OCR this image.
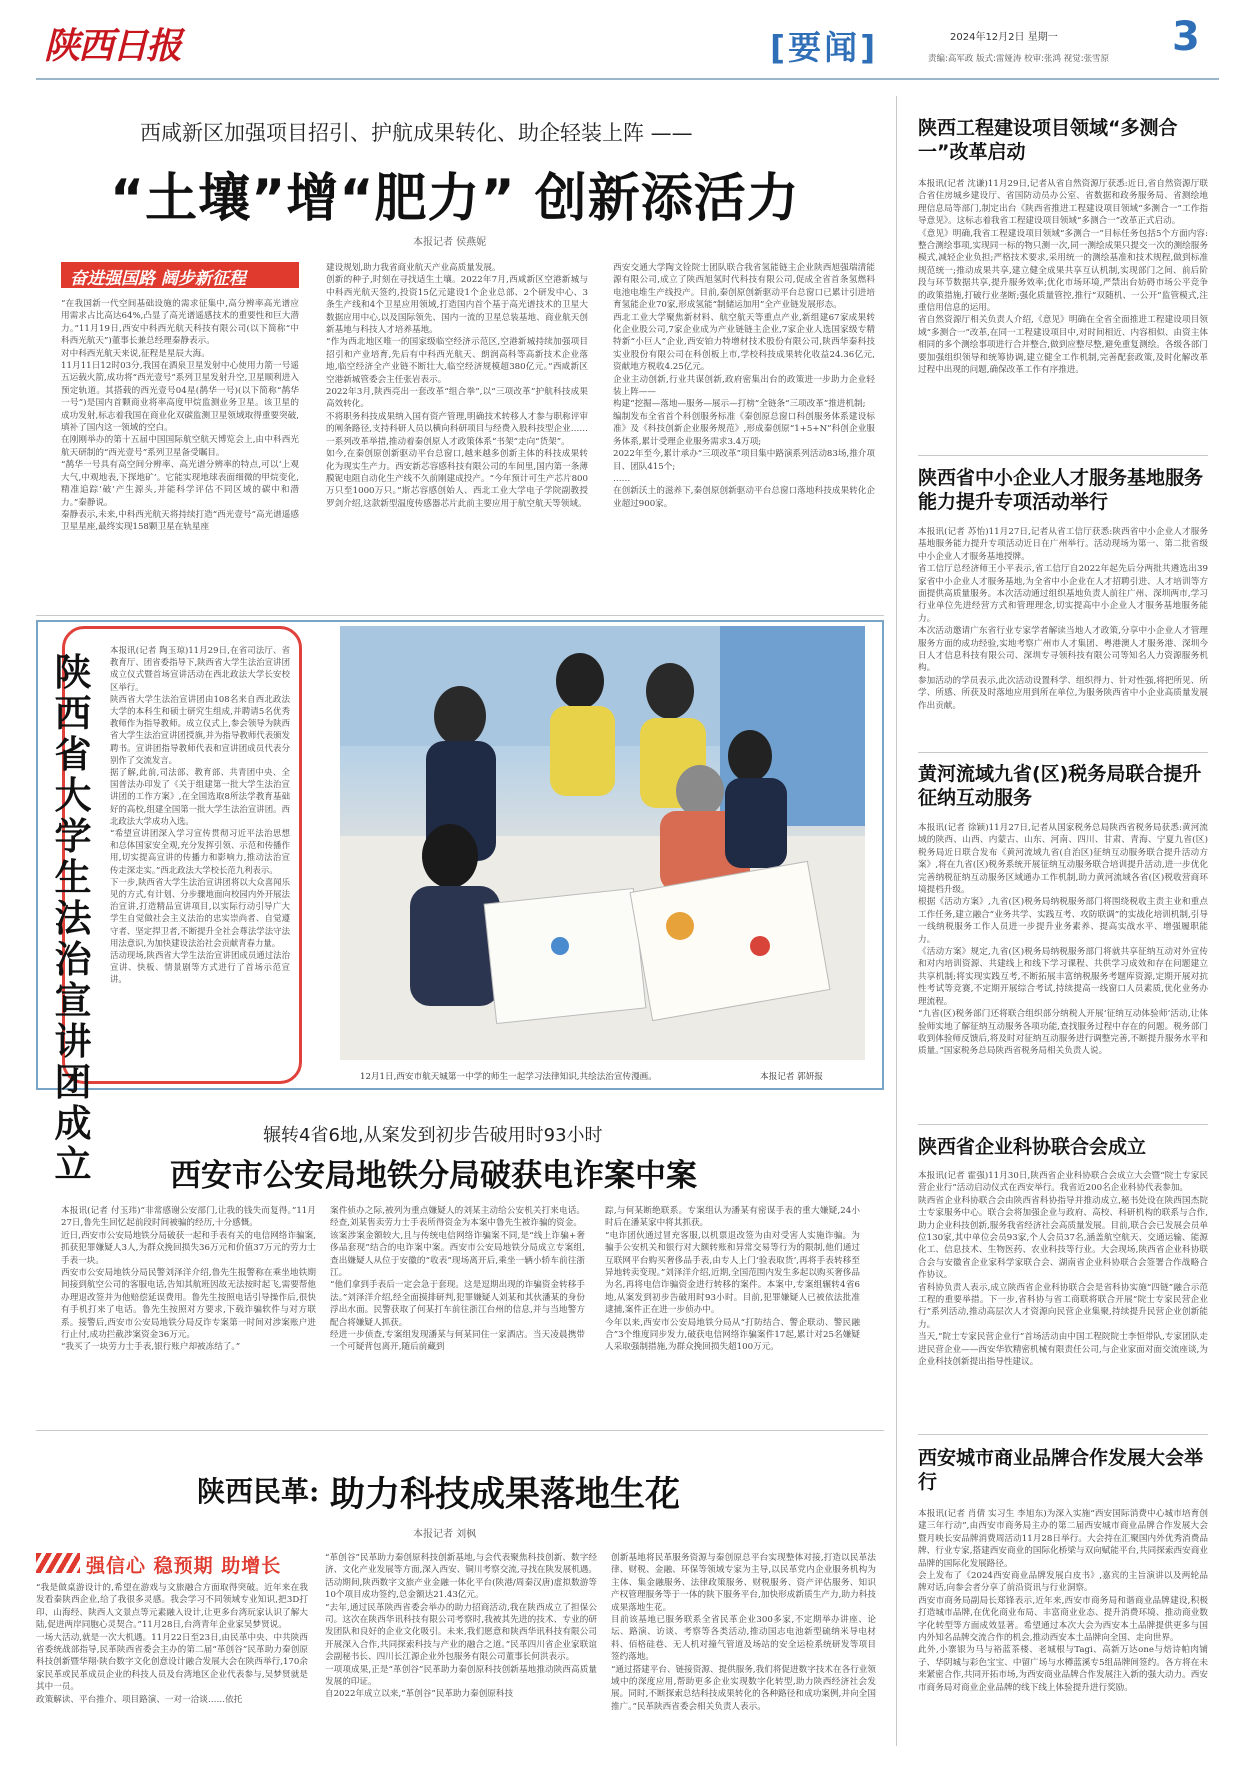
陕西日报	[要闻]	2024年12月2日 星期一
责编:高军政 版式:雷娅涛 校审:张鸿 视觉:张雪原 3
西咸新区加强项目招引、护航成果转化、助企轻装上阵 ——
“土壤”增“肥力” 创新添活力
本报记者 侯燕妮
奋进强国路 阔步新征程
“在我国新一代空间基础设施的需求征集中,高分辨率高光谱应用需求占比高达64%,凸显了高光谱遥感技术的重要性和巨大潜力。”11月19日,西安中科西光航天科技有限公司(以下简称“中科西光航天”)董事长兼总经理秦静表示。
对中科西光航天来说,征程是星辰大海。
11月11日12时03分,我国在酒泉卫星发射中心使用力箭一号遥五运载火箭,成功将“西光壹号”系列卫星发射升空,卫星顺利进入预定轨道。其搭载的西光壹号04星(鹊华一号)(以下简称“鹊华一号”)是国内首颗商业将率高度甲烷监测业务卫星。该卫星的成功发射,标志着我国在商业化双碳监测卫星领域取得重要突破,填补了国内这一领域的空白。
在刚刚举办的第十五届中国国际航空航天博览会上,由中科西光航天研制的“西光壹号”系列卫星备受瞩目。
“鹊华一号具有高空间分辨率、高光谱分辨率的特点,可以‘上观大气,中观地表,下探地矿’。它能实现地球表面细微的甲烷变化,精准追踪‘破’产生源头,并能科学评估不同区域的碳中和潜力。”秦静说。
秦静表示,未来,中科西光航天将持续打造“西光壹号”高光谱遥感卫星星座,最终实现158颗卫星在轨星座
建设规划,助力我省商业航天产业高质量发展。
创新的种子,时刻在寻找适生土壤。2022年7月,西咸新区空港新城与中科西光航天签约,投资15亿元建设1个企业总部、2个研发中心、3条生产线和4个卫星应用领域,打造国内首个基于高光谱技术的卫星大数据应用中心,以及国际领先、国内一流的卫星总装基地、商业航天创新基地与科技人才培养基地。
“作为西北地区唯一的国家级临空经济示范区,空港新城持续加强项目招引和产业培育,先后有中科西光航天、朗润高科等高新技术企业落地,临空经济全产业链不断壮大,临空经济规模超380亿元。”西咸新区空港新城管委会主任张岩表示。
2022年3月,陕西亮出一套改革“组合拳”,以“三项改革”护航科技成果高效转化。
不将职务科技成果纳入国有资产管理,明确技术转移人才参与职称评审的阐条路径,支持科研人员以横向科研项目与经费入股科技型企业……一系列改革举措,推动着秦创原人才政策体系“书架”走向“货架”。
如今,在秦创原创新驱动平台总窗口,越来越多创新主体的科技成果转化为现实生产力。西安新芯容感科技有限公司的车间里,国内第一条薄膜铌电阻自动化生产线不久前刚建成投产。“今年预计可生产芯片800万只至1000万只。”斯芯容感创始人、西北工业大学电子学院副教授罗剑介绍,这款新型温度传感器芯片此前主要应用于航空航天等领域。
西安交通大学陶文铨院士团队联合我省氢能链主企业陕西旭强瑞清能源有限公司,成立了陕西旭氢时代科技有限公司,促成全省首条氢燃料电池电堆生产线投产。目前,秦创原创新驱动平台总窗口已累计引进培育氢能企业70家,形成氢能“制储运加用”全产业链发展形态。
西北工业大学聚焦新材料、航空航天等重点产业,新组建67家成果转化企业股公司,7家企业成为产业链链主企业,7家企业人选国家级专精特新“小巨人”企业,西安铂力特增材技术股份有限公司,陕西华秦科技实业股份有限公司在科创板上市,学校科技成果转化收益24.36亿元,资献地方税收4.25亿元。
企业主动创新,行业共谋创新,政府密集出台的政策进一步助力企业轻装上阵——
构建“挖掘—落地—服务—展示—打榜”全链条“三项改革”推进机制;
编制发布全省首个科创服务标准《秦创原总窗口科创服务体系建设标准》及《科技创新企业服务规范》,形成秦创原“1+5+N”科创企业服务体系,累计受理企业服务需求3.4万项;
2022年至今,累计承办“三项改革”项目集中路演系列活动83场,推介项目、团队415个;
……
在创新沃土的滋养下,秦创原创新驱动平台总窗口落地科技成果转化企业超过900家。
陕西省大学生法治宣讲团成立
本报讯(记者 陶玉琼)11月29日,在省司法厅、省教育厅、团省委指导下,陕西省大学生法治宣讲团成立仪式暨首场宣讲活动在西北政法大学长安校区举行。
陕西省大学生法治宣讲团由108名来自西北政法大学的本科生和硕士研究生组成,并聘请5名优秀教师作为指导教师。成立仪式上,参会领导为陕西省大学生法治宣讲团授旗,并为指导教师代表颁发聘书。宣讲团指导教师代表和宣讲团成员代表分别作了交流发言。
据了解,此前,司法部、教育部、共青团中央、全国普法办印发了《关于组建第一批大学生法治宣讲团的工作方案》,在全国选取8所法学教育基础好的高校,组建全国第一批大学生法治宣讲团。西北政法大学成功入选。
“希望宣讲团深入学习宣传贯彻习近平法治思想和总体国家安全观,充分发挥引领、示范和传播作用,切实提高宣讲的传播力和影响力,推动法治宣传走深走实。”西北政法大学校长范九利表示。
下一步,陕西省大学生法治宣讲团将以大众喜闻乐见的方式,有计划、分步骤地面向校园内外开展法治宣讲,打造精品宣讲项目,以实际行动引导广大学生自觉做社会主义法治的忠实崇尚者、自觉遵守者、坚定捍卫者,不断提升全社会尊法学法守法用法意识,为加快建设法治社会贡献青春力量。
活动现场,陕西省大学生法治宣讲团成员通过法治宣讲、快板、情景剧等方式进行了首场示范宣讲。
12月1日,西安市航天城第一中学的师生一起学习法律知识,共绘法治宣传漫画。	本报记者 郭妍报
辗转4省6地,从案发到初步告破用时93小时
西安市公安局地铁分局破获电诈案中案
本报讯(记者 付玉玮)“非常感谢公安部门,让我的钱失而复得。”11月27日,鲁先生回忆起前段时间被骗的经历,十分感慨。
近日,西安市公安局地铁分局破获一起和手表有关的电信网络诈骗案,抓获犯罪嫌疑人3人,为群众挽回损失36万元和价值37万元的劳力士手表一块。
西安市公安局地铁分局民警刘泽洋介绍,鲁先生报警称在乘坐地铁期间接到航空公司的客服电话,告知其航班因故无法按时起飞,需要帮他办理退改签并为他赔偿延误费用。鲁先生按照电话引导操作后,很快有手机打来了电话。鲁先生按照对方要求,下载诈骗软件与对方联系。接警后,西安市公安局地铁分局反诈专案第一时间对涉案账户进行止付,成功拦截涉案资金36万元。
“我买了一块劳力士手表,银行账户却被冻结了。”
案件侦办之际,被列为重点嫌疑人的刘某主动给公安机关打来电话。经查,刘某售卖劳力士手表所得资金为本案中鲁先生被诈骗的资金。
该案涉案金额较大,且与传统电信网络诈骗案不同,是“线上诈骗+奢侈品套现”结合的电诈案中案。西安市公安局地铁分局成立专案组,查出嫌疑人从位于安徽的“收表”现场离开后,乘坐一辆小轿车前往浙江。
“他们拿到手表后一定会急于套现。这是逗期出现的诈骗资金转移手法。”刘泽洋介绍,经全面摸排研判,犯罪嫌疑人刘某和其伙潘某的身份浮出水面。民警获取了何某打车前往浙江台州的信息,并与当地警方配合将嫌疑人抓获。
经进一步侦查,专案组发现潘某与何某同住一家酒店。当天凌晨携带一个可疑背包离开,随后前藏到
踪,与何某断绝联系。专案组认为潘某有密谋手表的重大嫌疑,24小时后在潘某家中将其抓获。
“电诈团伙通过冒充客服,以机票退改签为由对受害人实施诈骗。为骗手公安机关和银行对大额转账和异常交易等行为的限制,他们通过互联网平台购买奢侈品手表,由专人上门‘验表取货’,再将手表转移至异地转卖变现。”刘泽洋介绍,近期,全国范围内发生多起以购买奢侈品为名,再将电信诈骗资金进行转移的案件。本案中,专案组辗转4省6地,从案发到初步告破用时93小时。目前,犯罪嫌疑人已被依法批准逮捕,案件正在进一步侦办中。
今年以来,西安市公安局地铁分局从“打防结合、警企联动、警民融合”3个维度同步发力,破获电信网络诈骗案件17起,累计对25名嫌疑人采取强制措施,为群众挽回损失超100万元。
陕西民革: 助力科技成果落地生花
本报记者 刘枫
强信心 稳预期 助增长
“我是做桌游设计的,希望在游戏与文旅融合方面取得突破。近年来在我发看秦陕西企业,给了我很多灵感。我会学习不同领域专业知识,把3D打印、山海经、陕西人文景点等元素融入设计,让更多台湾玩家认识了解大陆,促进两岸同胞心灵契合。”11月28日,台湾青年企业家吴梦贤说。
一场大活动,就是一次大机遇。11月22日至23日,由民革中央、中共陕西省委统战部指导,民革陕西省委会主办的第二届“革创谷”民革助力秦创原科技创新暨华翔·陕台数字文化创意设计融合发展大会在陕西举行,170余家民革或民革成员企业的科技人员及台湾地区企业代表参与,吴梦贤就是其中一员。
政策解读、平台推介、项目路演、一对一洽谈……依托
“革创谷”民革助力秦创原科技创新基地,与会代表聚焦科技创新、数字经济、文化产业发展等方面,深入西安、铜川考察交流,寻找在陕发展机遇。活动期间,陕西数字文旅产业金融一体化平台(陕港/周秦汉唐)虚拟数游等10个项目成功签约,总金额达21.43亿元。
“去年,通过民革陕西省委会举办的助力招商活动,我在陕西成立了担保公司。这次在陕西华讯科技有限公司考察时,我被其先进的技术、专业的研发团队和良好的企业文化吸引。未来,我们愿意和陕西华讯科技有限公司开展深入合作,共同探索科技与产业的融合之道。”民革四川省企业家联谊会副秘书长、四川长江源企业外包服务有限公司董事长何洪表示。
一项项成果,正是“革创谷”民革助力秦创原科技创新基地推动陕西高质量发展的印证。
自2022年成立以来,“革创谷”民革助力秦创原科技
创新基地将民革服务资源与秦创原总平台实现整体对接,打造以民革法律、财税、金融、环保等领域专家为主导,以民革党内企业服务机构为主体、集金融服务、法律政策服务、财税服务、资产评估服务、知识产权管理服务等于一体的陕下服务平台,加快形成新质生产力,助力科技成果落地生花。
目前该基地已服务联系全省民革企业300多家,不定期举办讲座、论坛、路演、访谈、考察等各类活动,推动国志电池新型硫纳米导电材料、佰格硅巷、无人机对撞气管道及场站的安全运检系统研发等项目签约落地。
“通过搭建平台、链接资源、提供服务,我们将促进数字技术在各行业领域中的深度应用,帮助更多企业实现数字化转型,助力陕西经济社会发展。同时,不断探索总结科技成果转化的各种路径和成功案例,并向全国推广。”民革陕西省委会相关负责人表示。
陕西工程建设项目领域“多测合一”改革启动
本报讯(记者 沈谦)11月29日,记者从省自然资源厅获悉:近日,省自然资源厅联合省住房城乡建设厅、省国防动员办公室、省数据和政务服务局、省测绘地理信息局等部门,制定出台《陕西省推进工程建设项目领域“多测合一”工作指导意见》。这标志着我省工程建设项目领域“多测合一”改革正式启动。
《意见》明确,我省工程建设项目领域“多测合一”目标任务包括5个方面内容:整合测绘事项,实现同一标的物只测一次,同一测绘成果只提交一次的测绘服务模式,减轻企业负担;严格技术要求,采用统一的测绘基准和技术规程,做到标准规范统一;推动成果共享,建立健全成果共享互认机制,实现部门之间、前后阶段与环节数据共享,提升服务效率;优化市场环境,严禁出台妨碍市场公平竞争的政策措施,打破行业垄断;强化质量管控,推行“双随机、一公开”监管模式,注重信用信息的运用。
省自然资源厅相关负责人介绍,《意见》明确在全省全面推进工程建设项目领域“多测合一”改革,在同一工程建设项目中,对时间相近、内容相似、由资主体相同的多个测绘事项进行合并整合,做到应整尽整,避免重复测绘。各级各部门要加强组织领导和统筹协调,建立健全工作机制,完善配套政策,及时化解改革过程中出现的问题,确保改革工作有序推进。
陕西省中小企业人才服务基地服务能力提升专项活动举行
本报讯(记者 苏怡)11月27日,记者从省工信厅获悉:陕西省中小企业人才服务基地服务能力提升专项活动近日在广州举行。活动现场为第一、第二批省级中小企业人才服务基地授牌。
省工信厅总经济师王小平表示,省工信厅自2022年起先后分两批共遴选出39家省中小企业人才服务基地,为全省中小企业在人才招聘引进、人才培训等方面提供高质量服务。本次活动通过组织基地负责人前往广州、深圳两市,学习行业单位先进经营方式和管理理念,切实提高中小企业人才服务基地服务能力。
本次活动邀请广东省行业专家学者解读当地人才政策,分享中小企业人才管理服务方面的成功经验,实地考察广州市人才集团、粤港澳人才服务港、深圳今日人才信息科技有限公司、深圳专寻领科技有限公司等知名人力资源服务机构。
参加活动的学员表示,此次活动设置科学、组织得力、针对性强,将把所见、所学、所感、所获及时落地应用到所在单位,为服务陕西省中小企业高质量发展作出贡献。
黄河流域九省(区)税务局联合提升征纳互动服务
本报讯(记者 徐颖)11月27日,记者从国家税务总局陕西省税务局获悉:黄河流域的陕西、山西、内蒙古、山东、河南、四川、甘肃、青海、宁夏九省(区)税务局近日联合发布《黄河流域九省(自治区)征纳互动服务联合提升活动方案》,将在九省(区)税务系统开展征纳互动服务联合培训提升活动,进一步优化完善纳税征纳互动服务区域通办工作机制,助力黄河流域各省(区)税收营商环境提档升级。
根据《活动方案》,九省(区)税务局纳税服务部门将围绕税收主责主业和重点工作任务,建立融合“业务共学、实践互考、攻防联调”的实战化培训机制,引导一线纳税服务工作人员进一步提升业务素养、提高实战水平、增强履职能力。
《活动方案》规定,九省(区)税务局纳税服务部门将就共享征纳互动对外宣传和对内培训资源、共建线上和线下学习课程、共供学习成效和存在问题建立共享机制;将实现实践互考,不断拓展丰富纳税服务考题库资源,定期开展对抗性考试等竞赛,不定期开展综合考试,持续提高一线窗口人员素质,优化业务办理流程。
“九省(区)税务部门还将联合组织部分纳税人开展‘征纳互动体验师’活动,让体验师实地了解征纳互动服务各项功能,查找服务过程中存在的问题。税务部门收到体验师反馈后,将及时对征纳互动服务进行调整完善,不断提升服务水平和质量。”国家税务总局陕西省税务局相关负责人说。
陕西省企业科协联合会成立
本报讯(记者 霍强)11月30日,陕西省企业科协联合会成立大会暨“院士专家民营企业行”活动启动仪式在西安举行。我省近200名企业科协代表参加。
陕西省企业科协联合会由陕西省科协指导并推动成立,秘书处设在陕西国杰院士专家服务中心。联合会将加强企业与政府、高校、科研机构的联系与合作,助力企业科技创新,服务我省经济社会高质量发展。目前,联合会已发展会员单位130家,其中单位会员93家,个人会员37名,涵盖航空航天、交通运输、能源化工、信息技术、生物医药、农业科技等行业。大会现场,陕西省企业科协联合会与安徽省企业家科学家联合会、湖南省企业科协联合会签署合作战略合作协议。
省科协负责人表示,成立陕西省企业科协联合会是省科协实施“四链”融合示范工程的重要举措。下一步,省科协与省工商联将联合开展“院士专家民营企业行”系列活动,推动高层次人才资源向民营企业集聚,持续提升民营企业创新能力。
当天,“院士专家民营企业行”首场活动由中国工程院院士李恒带队,专家团队走进民营企业——西安华钦精密机械有限责任公司,与企业家面对面交流座谈,为企业科技创新提出指导性建议。
西安城市商业品牌合作发展大会举行
本报讯(记者 肖倩 实习生 李旭东)为深入实施“西安国际消费中心城市培育创建三年行动”,由西安市商务局主办的第二届西安城市商业品牌合作发展大会暨月映长安品牌消费周活动11月28日举行。大会持在汇聚国内外优秀消费品牌、行业专家,搭建西安商业的国际化桥梁与双向赋能平台,共同探索西安商业品牌的国际化发展路径。
会上发布了《2024西安商业品牌发展白皮书》,嘉宾的主旨演讲以及两轮品牌对话,向参会者分享了前沿资讯与行业洞察。
西安市商务局副局长郑锋表示,近年来,西安市商务局和谐商业品牌建设,积极打造城市品牌,在优化商业布局、丰富商业业态、提升消费环境、推动商业数字化转型等方面成效显著。希望通过本次大会为西安本土品牌提供更多与国内外知名品牌交流合作的机会,推动西安本土品牌向全国、走向世界。
此外,小寨银为马与裕蓝茶楼、老城根与Tagi、高新万达one与焙诗帕肉铺子、华阴城与彩色宝宝、中留广场与水樽蓝溪专5组品牌间签约。各方将在未来紧密合作,共同开拓市场,为西安商业品牌合作发展注入新的强大动力。西安市商务局对商业企业品牌的线下线上体验提升进行奖励。
